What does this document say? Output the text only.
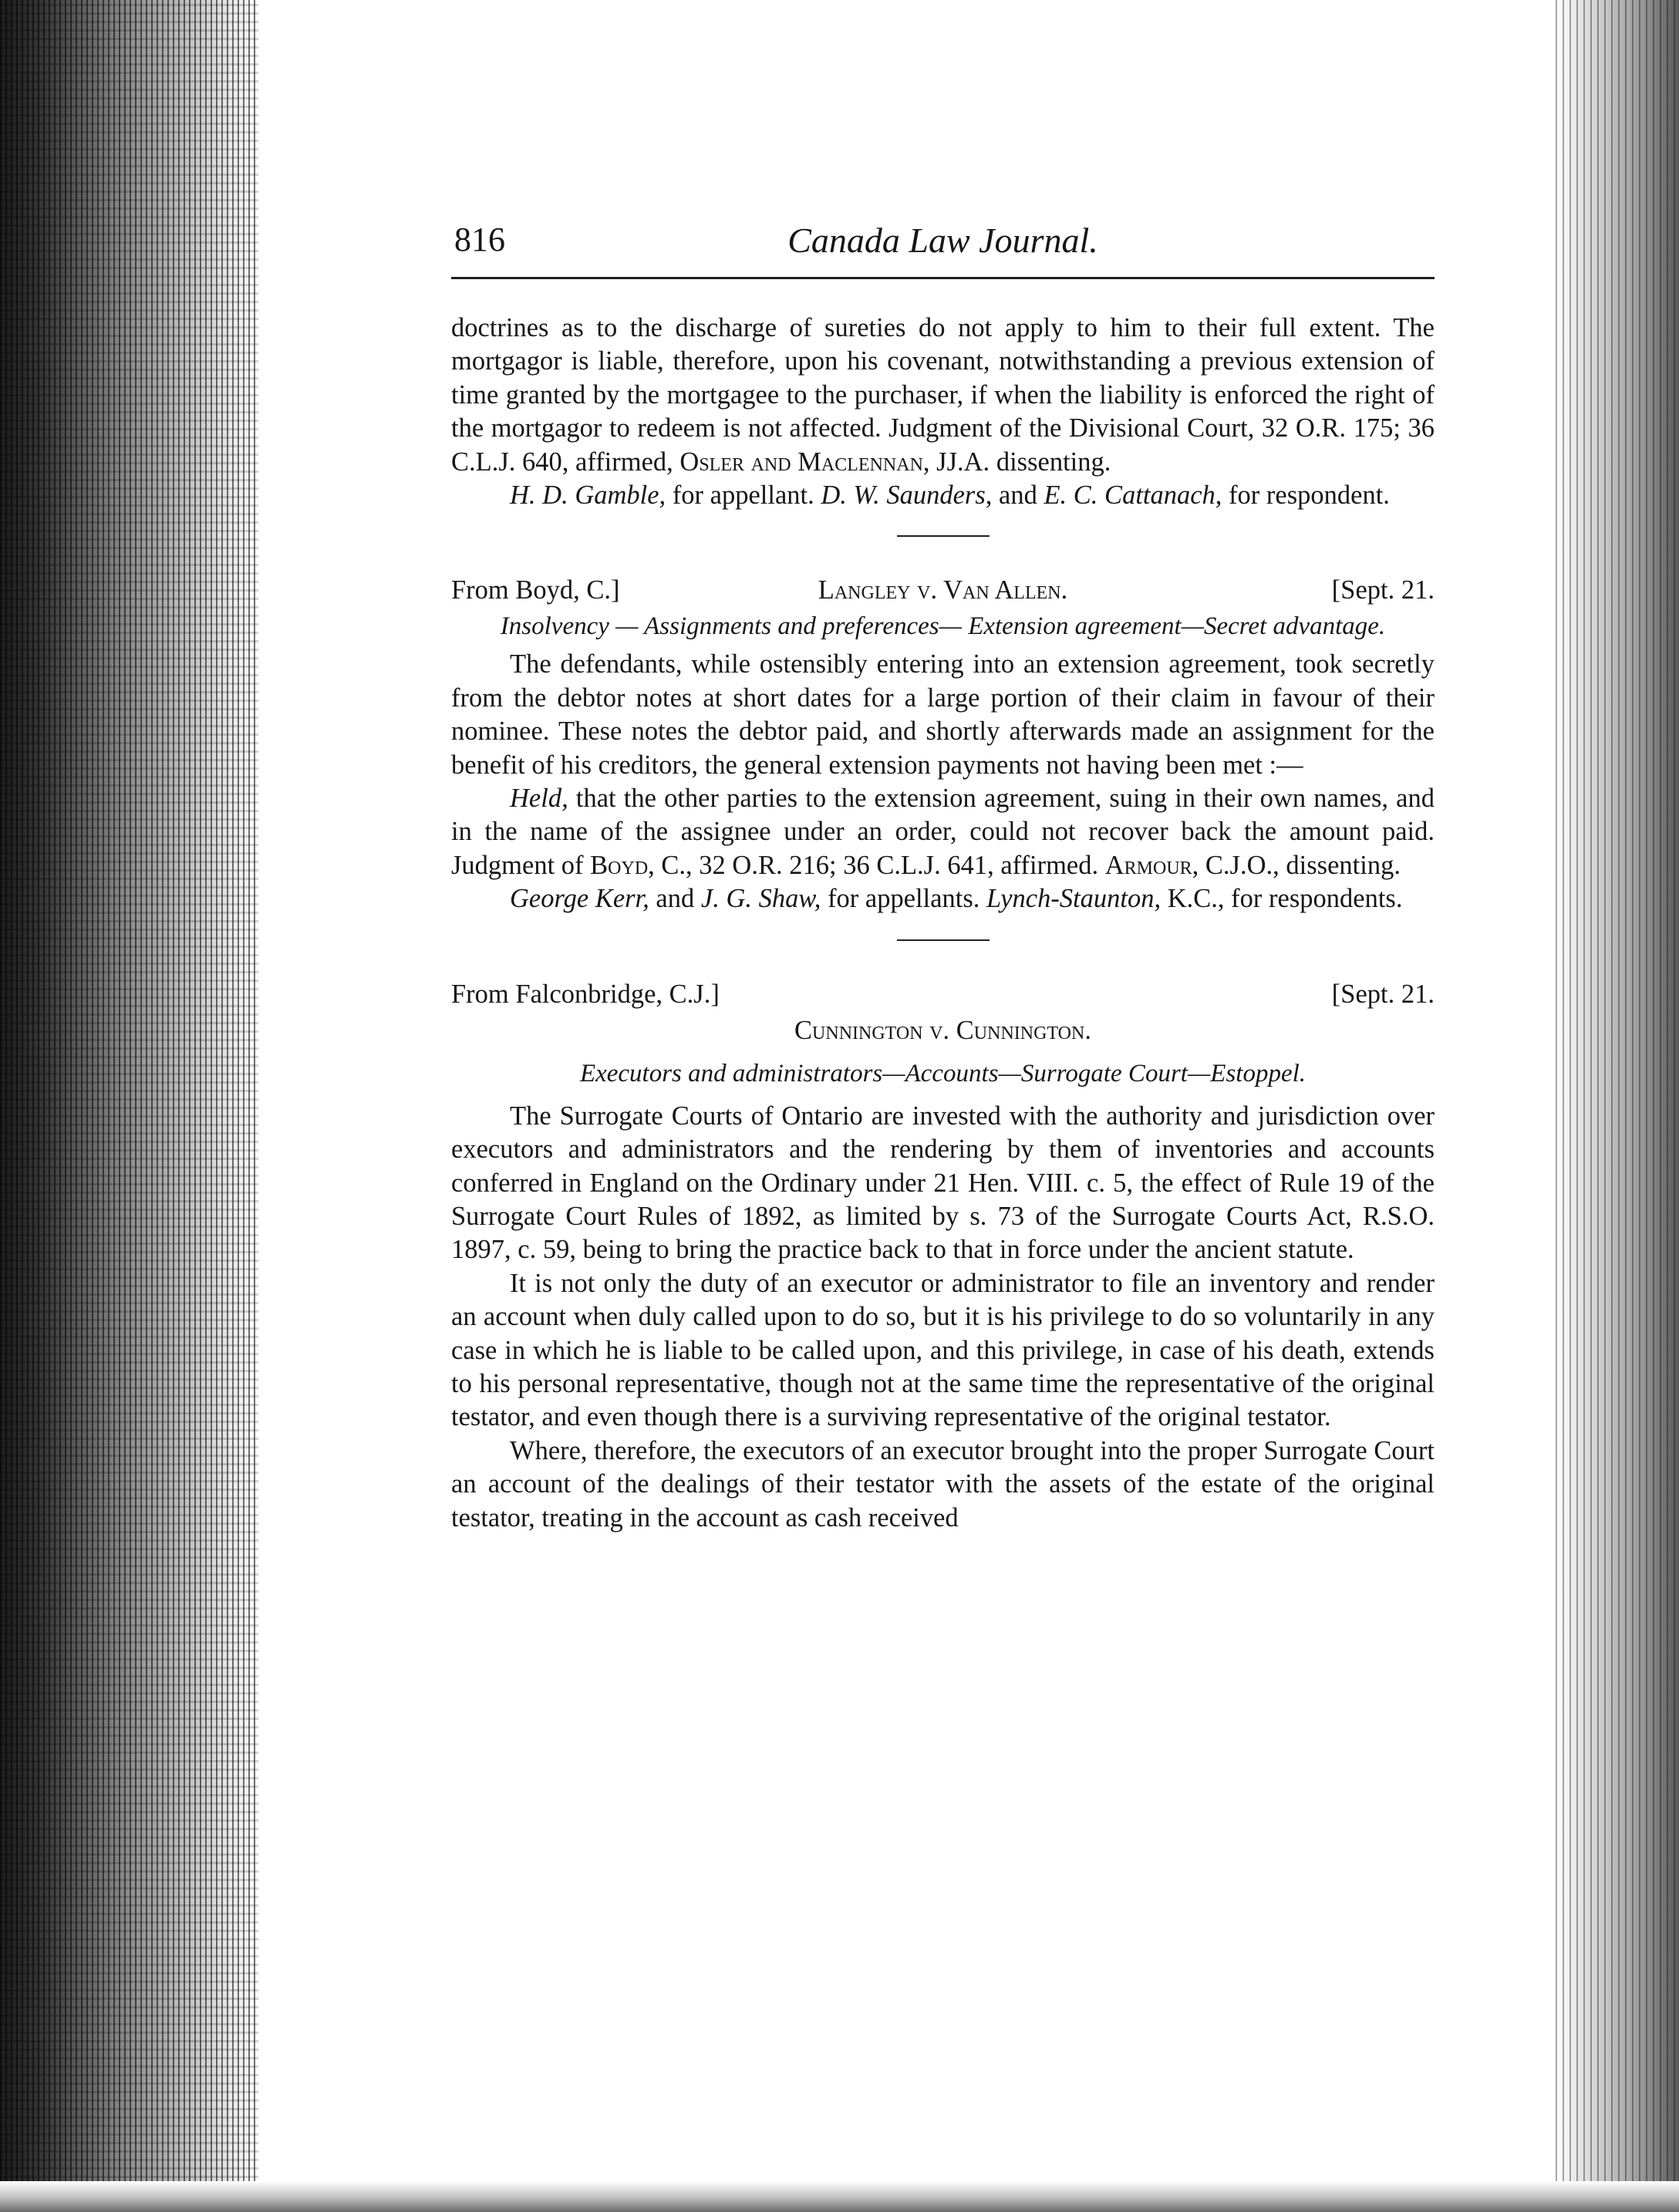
816	Canada Law Journal.

doctrines as to the discharge of sureties do not apply to him to their full extent. The mortgagor is liable, therefore, upon his covenant, notwithstanding a previous extension of time granted by the mortgagee to the purchaser, if when the liability is enforced the right of the mortgagor to redeem is not affected. Judgment of the Divisional Court, 32 O.R. 175; 36 C.L.J. 640, affirmed, Osler and Maclennan, JJ.A. dissenting.

H. D. Gamble, for appellant. D. W. Saunders, and E. C. Cattanach, for respondent.

From Boyd, C.]	Langley v. Van Allen.	[Sept. 21.
Insolvency — Assignments and preferences— Extension agreement—Secret advantage.

The defendants, while ostensibly entering into an extension agreement, took secretly from the debtor notes at short dates for a large portion of their claim in favour of their nominee. These notes the debtor paid, and shortly afterwards made an assignment for the benefit of his creditors, the general extension payments not having been met :—

Held, that the other parties to the extension agreement, suing in their own names, and in the name of the assignee under an order, could not recover back the amount paid. Judgment of Boyd, C., 32 O.R. 216; 36 C.L.J. 641, affirmed. Armour, C.J.O., dissenting.

George Kerr, and J. G. Shaw, for appellants. Lynch-Staunton, K.C., for respondents.

From Falconbridge, C.J.]	[Sept. 21.
Cunnington v. Cunnington.
Executors and administrators—Accounts—Surrogate Court—Estoppel.

The Surrogate Courts of Ontario are invested with the authority and jurisdiction over executors and administrators and the rendering by them of inventories and accounts conferred in England on the Ordinary under 21 Hen. VIII. c. 5, the effect of Rule 19 of the Surrogate Court Rules of 1892, as limited by s. 73 of the Surrogate Courts Act, R.S.O. 1897, c. 59, being to bring the practice back to that in force under the ancient statute.

It is not only the duty of an executor or administrator to file an inventory and render an account when duly called upon to do so, but it is his privilege to do so voluntarily in any case in which he is liable to be called upon, and this privilege, in case of his death, extends to his personal representative, though not at the same time the representative of the original testator, and even though there is a surviving representative of the original testator.

Where, therefore, the executors of an executor brought into the proper Surrogate Court an account of the dealings of their testator with the assets of the estate of the original testator, treating in the account as cash received
